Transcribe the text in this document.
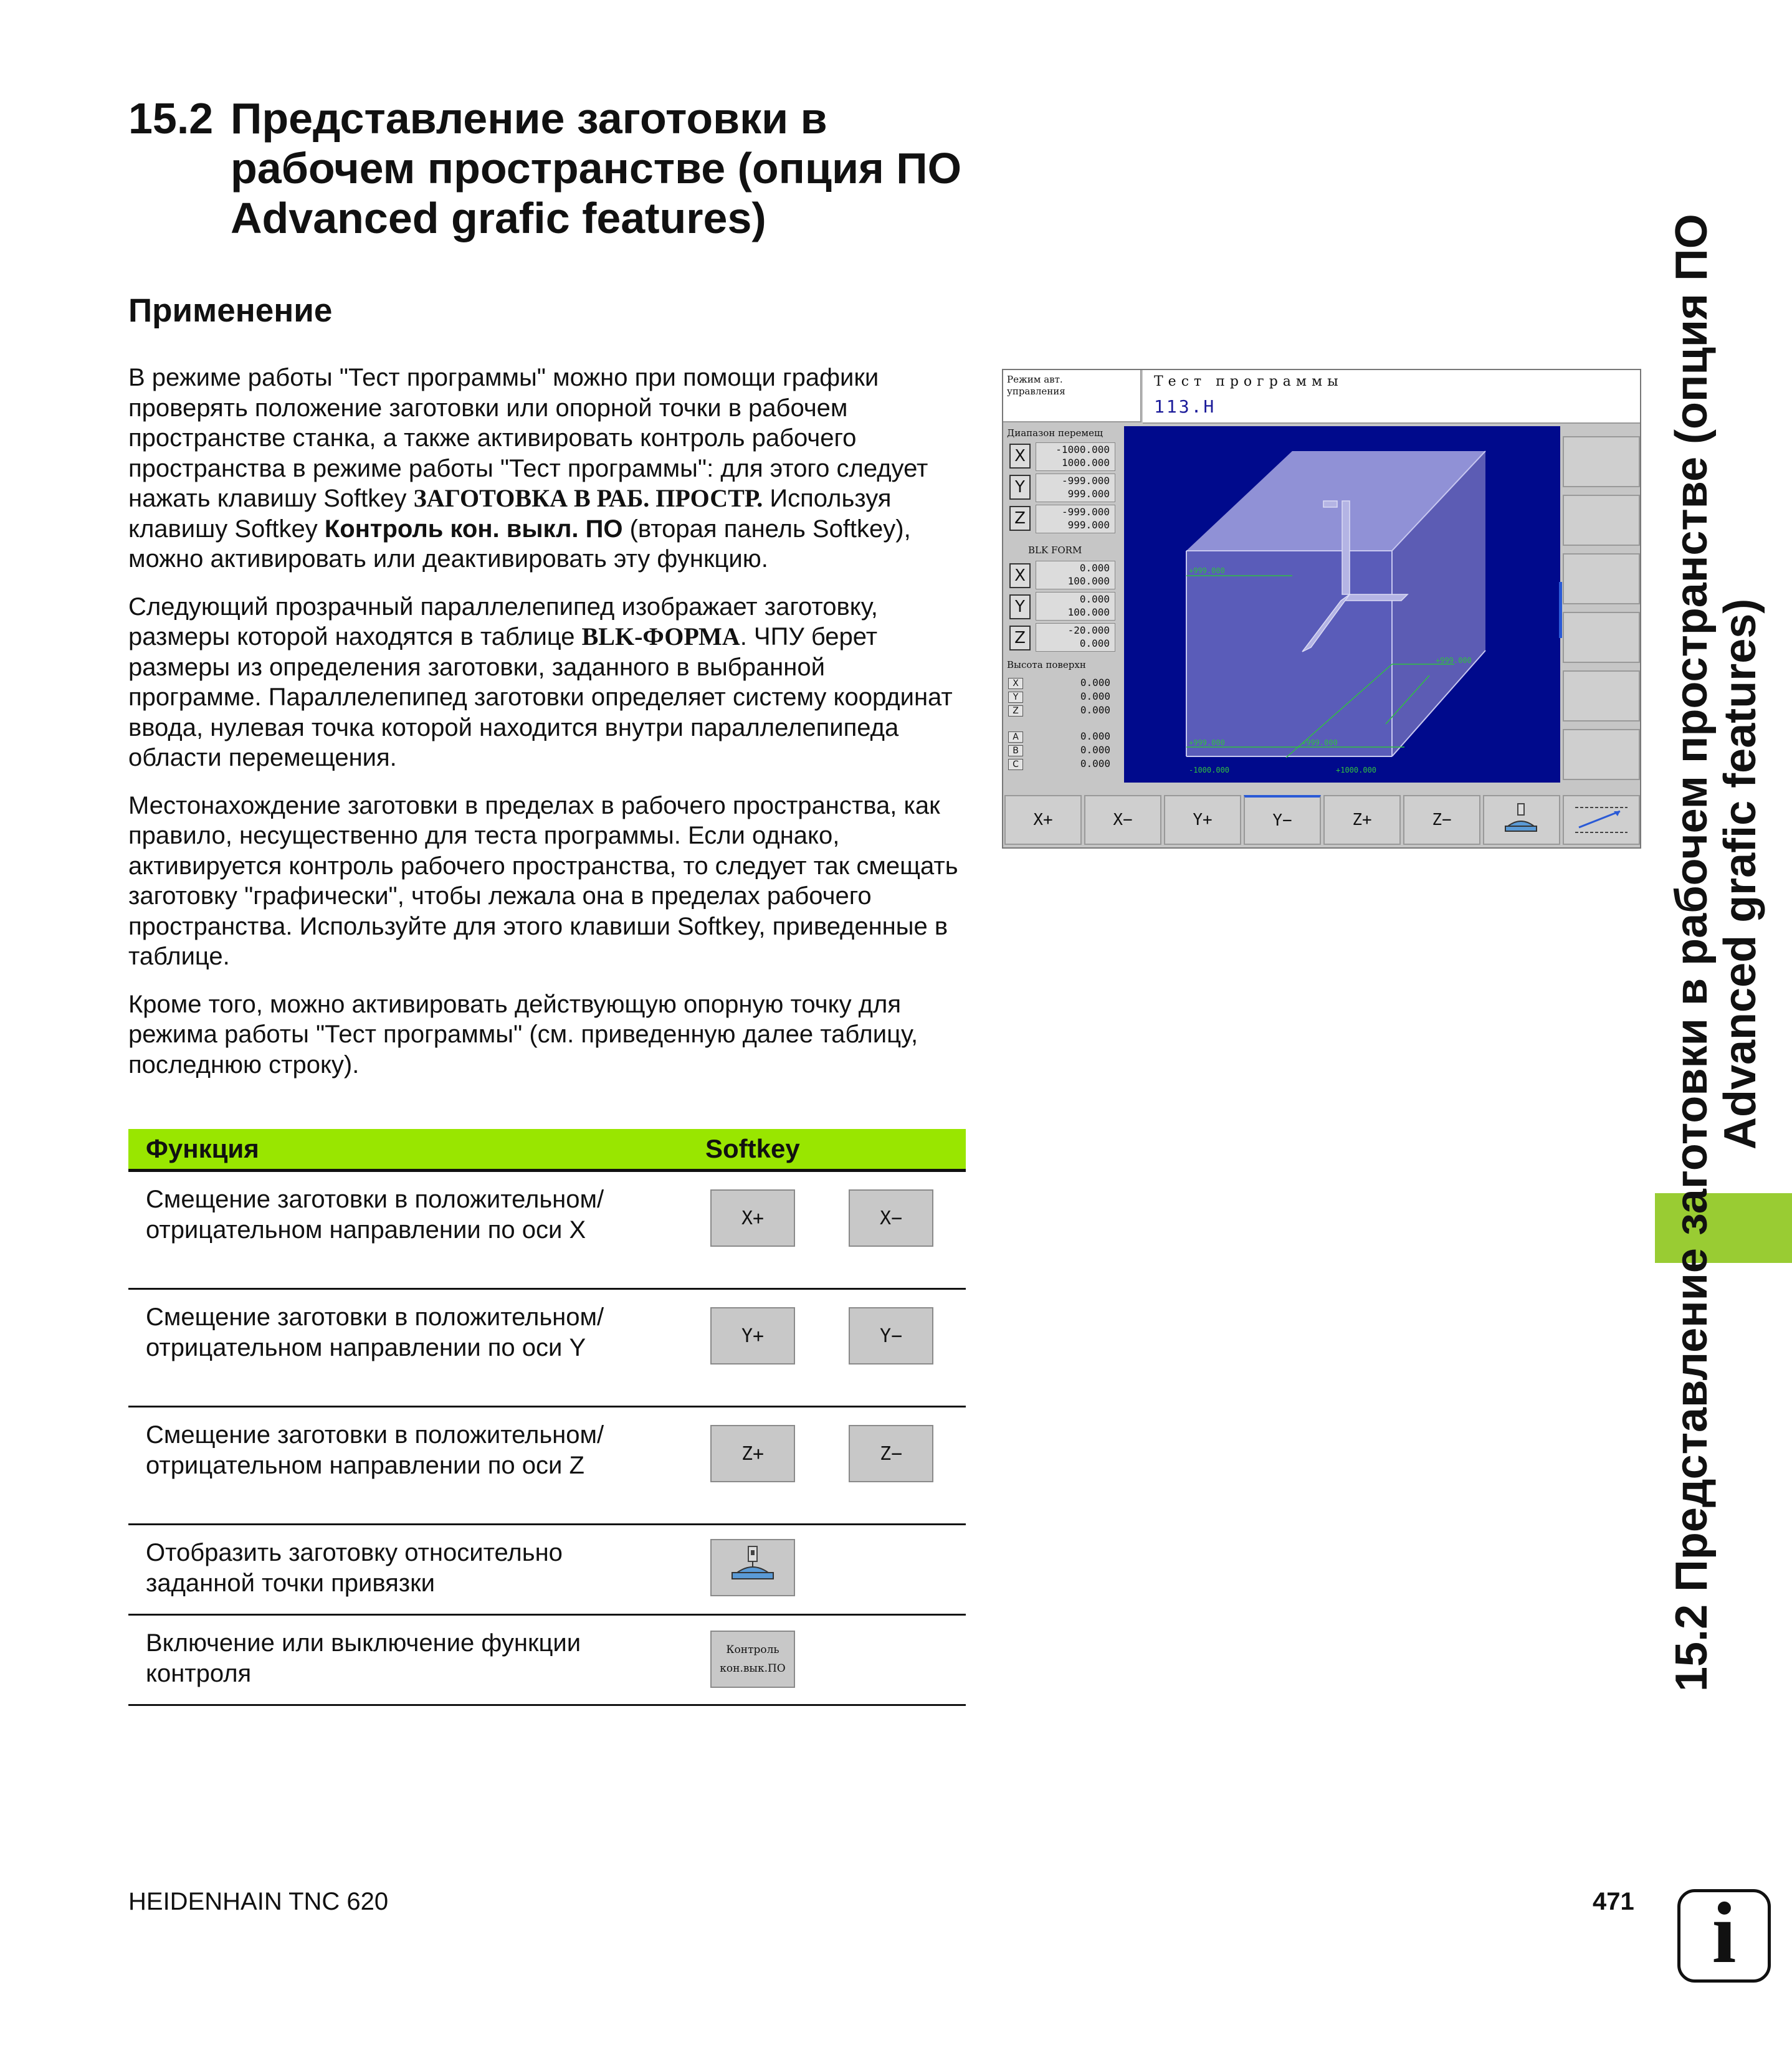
15.2 Представление заготовки в рабочем пространстве (опция ПО Advanced grafic features)
Применение

В режиме работы "Тест программы" можно при помощи графики проверять положение заготовки или опорной точки в рабочем пространстве станка, а также активировать контроль рабочего пространства в режиме работы "Тест программы": для этого следует нажать клавишу Softkey ЗАГОТОВКА В РАБ. ПРОСТР. Используя клавишу Softkey Контроль кон. выкл. ПО (вторая панель Softkey), можно активировать или деактивировать эту функцию.

Следующий прозрачный параллелепипед изображает заготовку, размеры которой находятся в таблице BLK-ФОРМА. ЧПУ берет размеры из определения заготовки, заданного в выбранной программе. Параллелепипед заготовки определяет систему координат ввода, нулевая точка которой находится внутри параллелепипеда области перемещения.

Местонахождение заготовки в пределах в рабочего пространства, как правило, несущественно для теста программы. Если однако, активируется контроль рабочего пространства, то следует так смещать заготовку "графически", чтобы лежала она в пределах рабочего пространства. Используйте для этого клавиши Softkey, приведенные в таблице.

Кроме того, можно активировать действующую опорную точку для режима работы "Тест программы" (см. приведенную далее таблицу, последнюю строку).

Функция	Softkey
Смещение заготовки в положительном/отрицательном направлении по оси X	X+	X−
Смещение заготовки в положительном/отрицательном направлении по оси Y	Y+	Y−
Смещение заготовки в положительном/отрицательном направлении по оси Z	Z+	Z−
Отобразить заготовку относительно заданной точки привязки
Включение или выключение функции контроля
Контроль
кон.вык.ПО
Режим авт.
управления
Тест программы
113.H
Диапазон перемещ
X	-1000.000
1000.000
Y	-999.000
999.000
Z	-999.000
999.000
BLK FORM
X	0.000
100.000
Y	0.000
100.000
Z	-20.000
0.000
Высота поверхн
X	0.000
Y	0.000
Z	0.000
A	0.000
B	0.000
C	0.000
+999.000
+999.000
+999.000	+999.000
-1000.000	+1000.000
X+	X−	Y+	Y−	Z+	Z−	15.2 Представление заготовки в рабочем пространстве (опция ПО
Advanced grafic features)
HEIDENHAIN TNC 620	471 i
